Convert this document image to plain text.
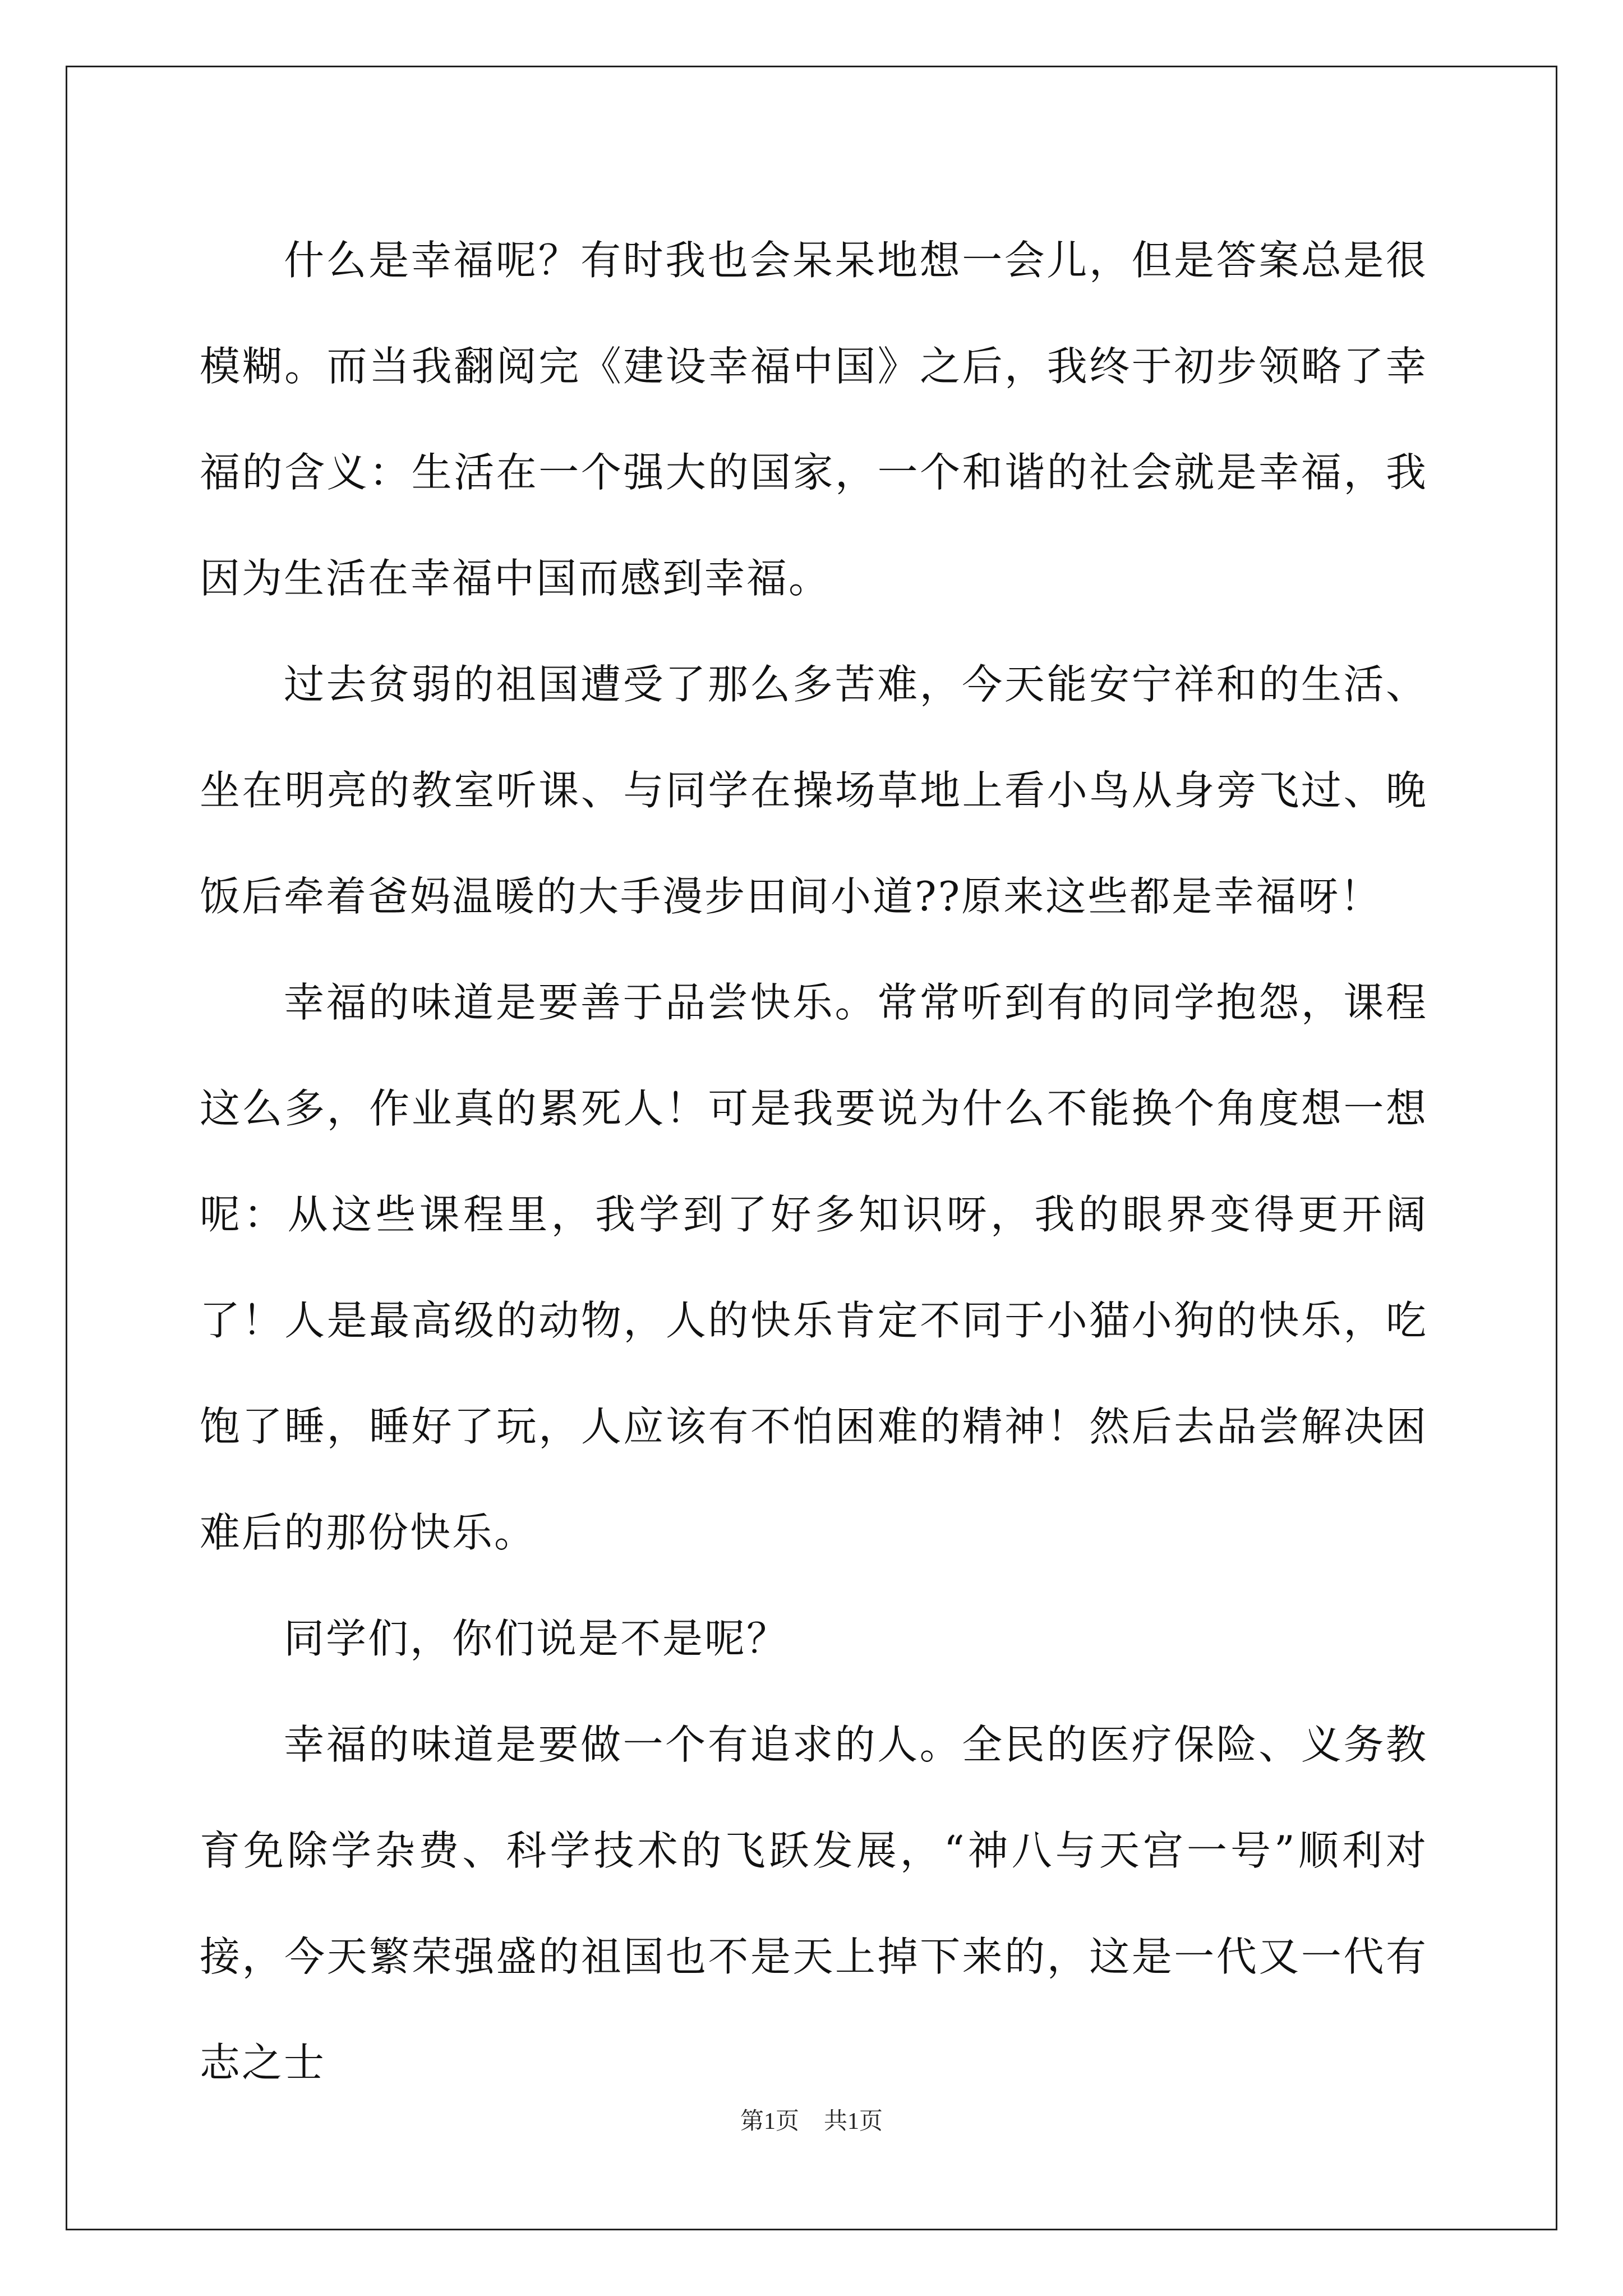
什么是幸福呢？有时我也会呆呆地想一会儿，但是答案总是很模糊。而当我翻阅完《建设幸福中国》之后，我终于初步领略了幸福的含义：生活在一个强大的国家，一个和谐的社会就是幸福，我因为生活在幸福中国而感到幸福。

过去贫弱的祖国遭受了那么多苦难，今天能安宁祥和的生活、坐在明亮的教室听课、与同学在操场草地上看小鸟从身旁飞过、晚饭后牵着爸妈温暖的大手漫步田间小道??原来这些都是幸福呀！

幸福的味道是要善于品尝快乐。常常听到有的同学抱怨，课程这么多，作业真的累死人！可是我要说为什么不能换个角度想一想呢：从这些课程里，我学到了好多知识呀，我的眼界变得更开阔了！人是最高级的动物，人的快乐肯定不同于小猫小狗的快乐，吃饱了睡，睡好了玩，人应该有不怕困难的精神！然后去品尝解决困难后的那份快乐。

同学们，你们说是不是呢？

幸福的味道是要做一个有追求的人。全民的医疗保险、义务教育免除学杂费、科学技术的飞跃发展，“神八与天宫一号”顺利对接，今天繁荣强盛的祖国也不是天上掉下来的，这是一代又一代有志之士

第1页 共1页
